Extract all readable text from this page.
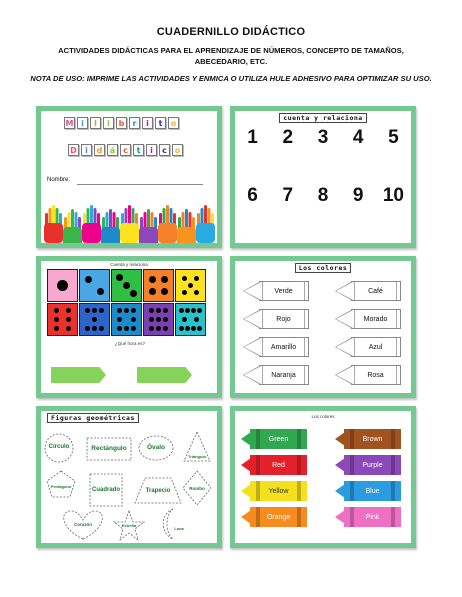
CUADERNILLO DIDÁCTICO
ACTIVIDADES DIDÁCTICAS PARA EL APRENDIZAJE DE NÚMEROS, CONCEPTO DE TAMAÑOS, ABECEDARIO, ETC.
NOTA DE USO: IMPRIME LAS ACTIVIDADES Y ENMICA O UTILIZA HULE ADHESIVO PARA OPTIMIZAR SU USO.
M i	l	i	b	r	i	t	o
D	i	d á c	t	i	c o
Nombre:
cuenta y relaciona
1	2	3	4	5
6	7	8	9	10
Cuenta y relaciona
¿Qué hora es?
Los colores
Verde
Rojo
Amarillo
Naranja
Café
Morado
Azul
Rosa
Figuras geométricas
Círculo	Rectángulo	Óvalo
Triángulo
Pentágono
Cuadrado	Trapecio	Rombo
Corazón	Estrella
Luna
Los colores
Green
Red
Yellow
Orange
Brown
Purple
Blue
Pink
